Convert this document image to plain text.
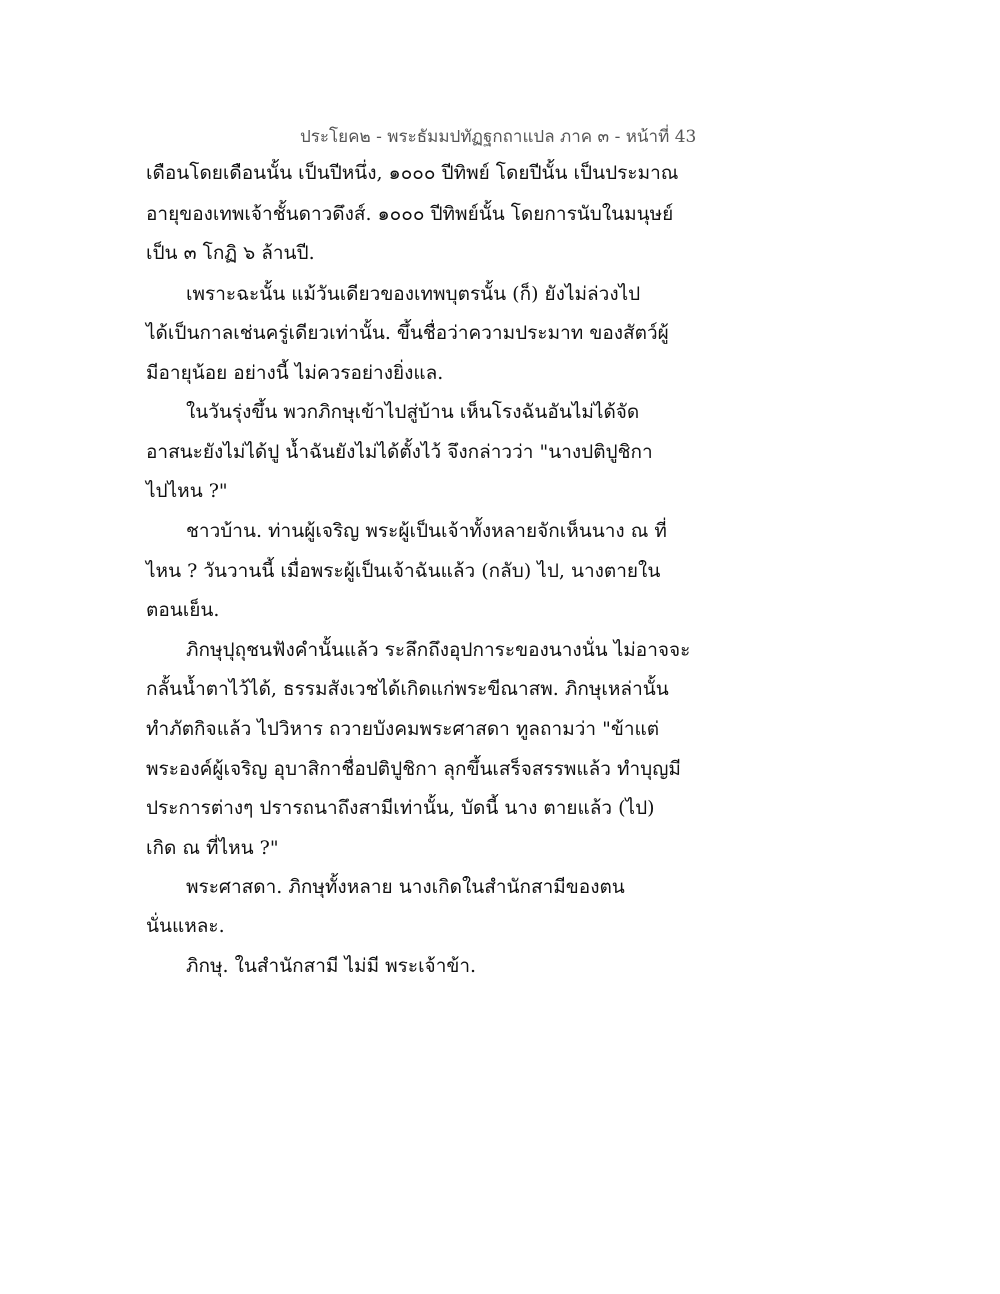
ประโยค๒ - พระธัมมปทัฏฐกถาแปล ภาค ๓ - หน้าที่ 43
เดือนโดยเดือนนั้น เป็นปีหนึ่ง, ๑๐๐๐ ปีทิพย์ โดยปีนั้น เป็นประมาณ
อายุของเทพเจ้าชั้นดาวดึงส์. ๑๐๐๐ ปีทิพย์นั้น โดยการนับในมนุษย์
เป็น ๓ โกฏิ ๖ ล้านปี.
เพราะฉะนั้น แม้วันเดียวของเทพบุตรนั้น (ก็) ยังไม่ล่วงไป
ได้เป็นกาลเช่นครู่เดียวเท่านั้น. ขึ้นชื่อว่าความประมาท ของสัตว์ผู้
มีอายุน้อย อย่างนี้ ไม่ควรอย่างยิ่งแล.
ในวันรุ่งขึ้น พวกภิกษุเข้าไปสู่บ้าน เห็นโรงฉันอันไม่ได้จัด
อาสนะยังไม่ได้ปู น้ำฉันยังไม่ได้ตั้งไว้ จึงกล่าวว่า "นางปติปูชิกา
ไปไหน ?"
ชาวบ้าน. ท่านผู้เจริญ พระผู้เป็นเจ้าทั้งหลายจักเห็นนาง ณ ที่
ไหน ? วันวานนี้ เมื่อพระผู้เป็นเจ้าฉันแล้ว (กลับ) ไป, นางตายใน
ตอนเย็น.
ภิกษุปุถุชนฟังคำนั้นแล้ว ระลึกถึงอุปการะของนางนั่น ไม่อาจจะ
กลั้นน้ำตาไว้ได้, ธรรมสังเวชได้เกิดแก่พระขีณาสพ. ภิกษุเหล่านั้น
ทำภัตกิจแล้ว ไปวิหาร ถวายบังคมพระศาสดา ทูลถามว่า "ข้าแต่
พระองค์ผู้เจริญ อุบาสิกาชื่อปติปูชิกา ลุกขึ้นเสร็จสรรพแล้ว ทำบุญมี
ประการต่างๆ ปรารถนาถึงสามีเท่านั้น, บัดนี้ นาง ตายแล้ว (ไป)
เกิด ณ ที่ไหน ?"
พระศาสดา. ภิกษุทั้งหลาย นางเกิดในสำนักสามีของตน
นั่นแหละ.
ภิกษุ. ในสำนักสามี ไม่มี พระเจ้าข้า.
